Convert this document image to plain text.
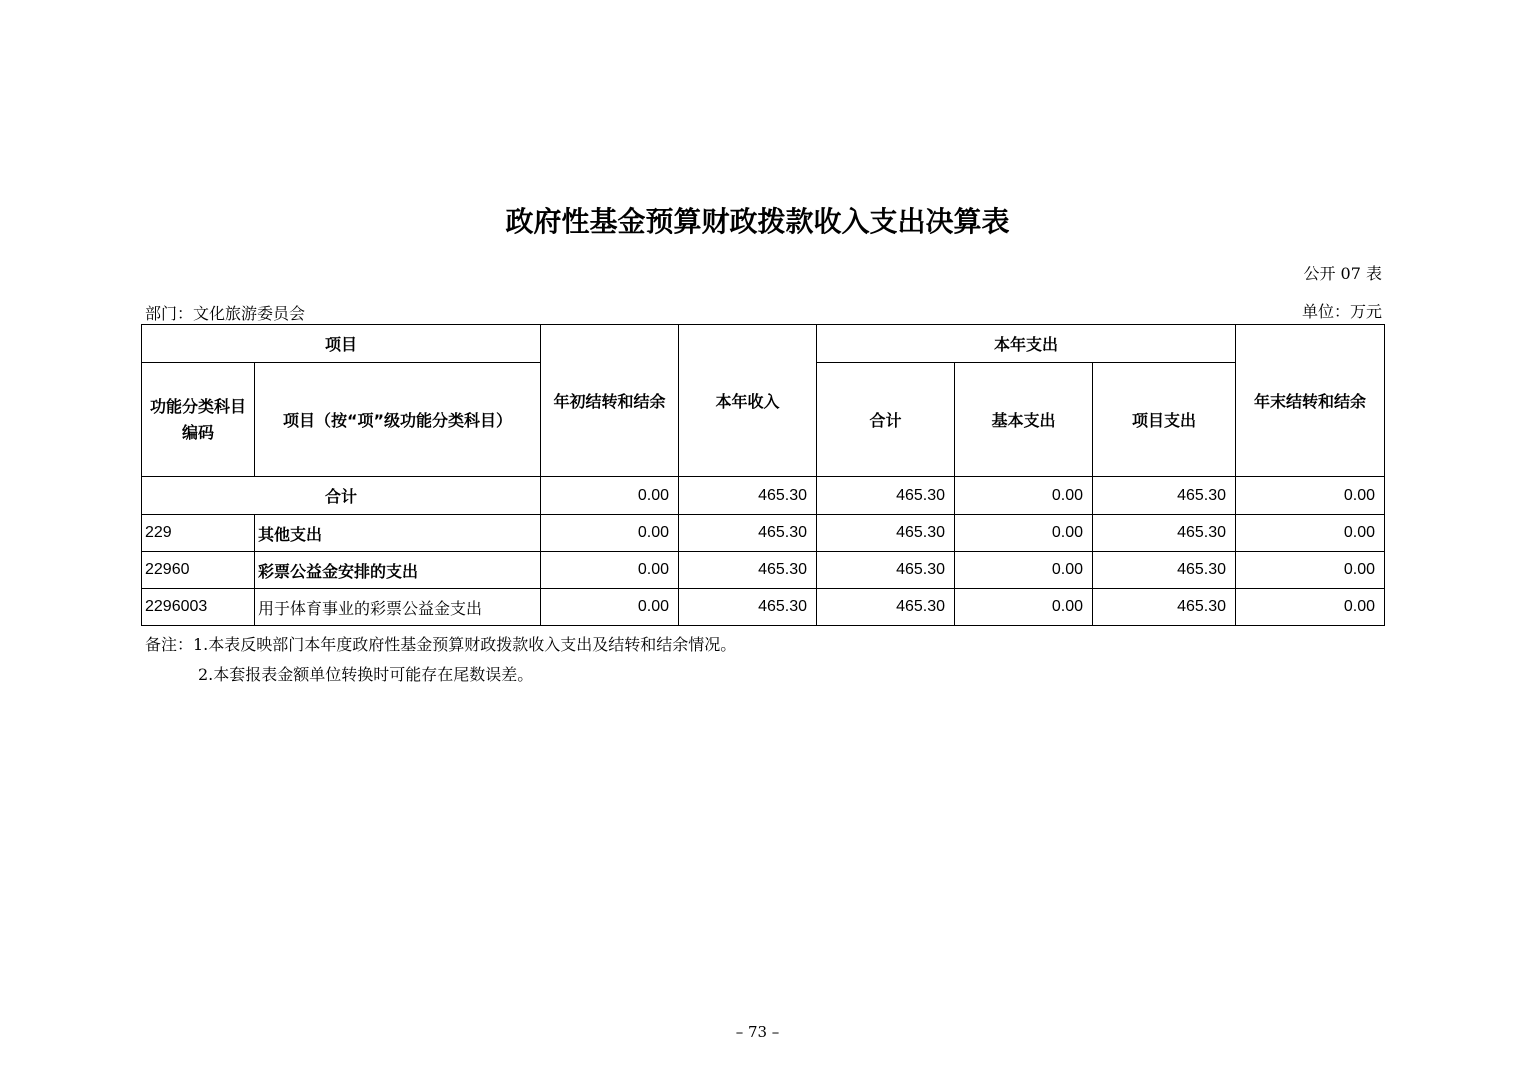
政府性基金预算财政拨款收入支出决算表
公开 07 表
部门：文化旅游委员会	单位：万元
项目		年初结转和结余	本年收入	本年支出			年末结转和结余
功能分类科目编码	项目（按“项”级功能分类科目）			合计	基本支出	项目支出	
合计		0.00	465.30	465.30	0.00	465.30	0.00
229	其他支出	0.00	465.30	465.30	0.00	465.30	0.00
22960	彩票公益金安排的支出	0.00	465.30	465.30	0.00	465.30	0.00
2296003	用于体育事业的彩票公益金支出	0.00	465.30	465.30	0.00	465.30	0.00
备注：1.本表反映部门本年度政府性基金预算财政拨款收入支出及结转和结余情况。
2.本套报表金额单位转换时可能存在尾数误差。
– 73 –
